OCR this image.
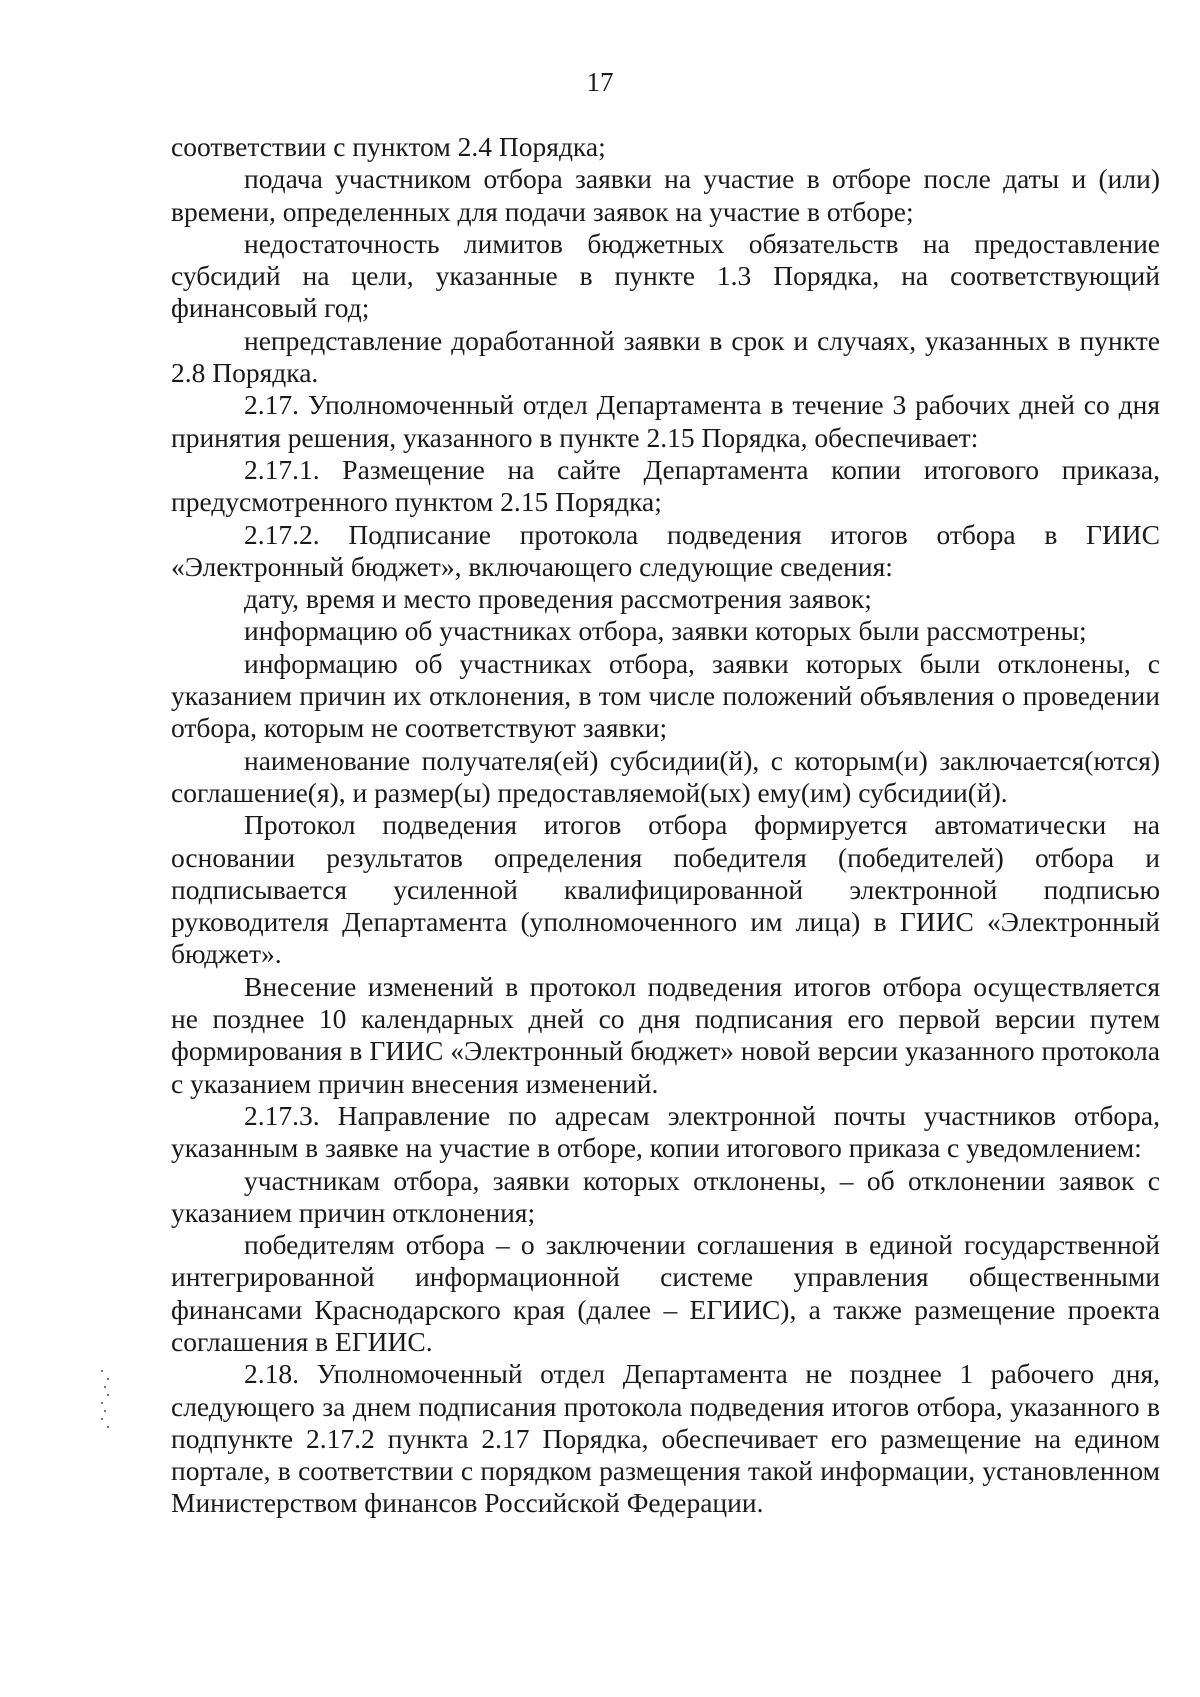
17

соответствии с пунктом 2.4 Порядка;

подача участником отбора заявки на участие в отборе после даты и (или) времени, определенных для подачи заявок на участие в отборе;

недостаточность лимитов бюджетных обязательств на предоставление субсидий на цели, указанные в пункте 1.3 Порядка, на соответствующий финансовый год;

непредставление доработанной заявки в срок и случаях, указанных в пункте 2.8 Порядка.

2.17. Уполномоченный отдел Департамента в течение 3 рабочих дней со дня принятия решения, указанного в пункте 2.15 Порядка, обеспечивает:

2.17.1. Размещение на сайте Департамента копии итогового приказа, предусмотренного пунктом 2.15 Порядка;

2.17.2. Подписание протокола подведения итогов отбора в ГИИС «Электронный бюджет», включающего следующие сведения:

дату, время и место проведения рассмотрения заявок;

информацию об участниках отбора, заявки которых были рассмотрены;

информацию об участниках отбора, заявки которых были отклонены, с указанием причин их отклонения, в том числе положений объявления о проведении отбора, которым не соответствуют заявки;

наименование получателя(ей) субсидии(й), с которым(и) заключается(ются) соглашение(я), и размер(ы) предоставляемой(ых) ему(им) субсидии(й).

Протокол подведения итогов отбора формируется автоматически на основании результатов определения победителя (победителей) отбора и подписывается усиленной квалифицированной электронной подписью руководителя Департамента (уполномоченного им лица) в ГИИС «Электронный бюджет».

Внесение изменений в протокол подведения итогов отбора осуществляется не позднее 10 календарных дней со дня подписания его первой версии путем формирования в ГИИС «Электронный бюджет» новой версии указанного протокола с указанием причин внесения изменений.

2.17.3. Направление по адресам электронной почты участников отбора, указанным в заявке на участие в отборе, копии итогового приказа с уведомлением:

участникам отбора, заявки которых отклонены, – об отклонении заявок с указанием причин отклонения;

победителям отбора – о заключении соглашения в единой государственной интегрированной информационной системе управления общественными финансами Краснодарского края (далее – ЕГИИС), а также размещение проекта соглашения в ЕГИИС.

2.18. Уполномоченный отдел Департамента не позднее 1 рабочего дня, следующего за днем подписания протокола подведения итогов отбора, указанного в подпункте 2.17.2 пункта 2.17 Порядка, обеспечивает его размещение на едином портале, в соответствии с порядком размещения такой информации, установленном Министерством финансов Российской Федерации.
